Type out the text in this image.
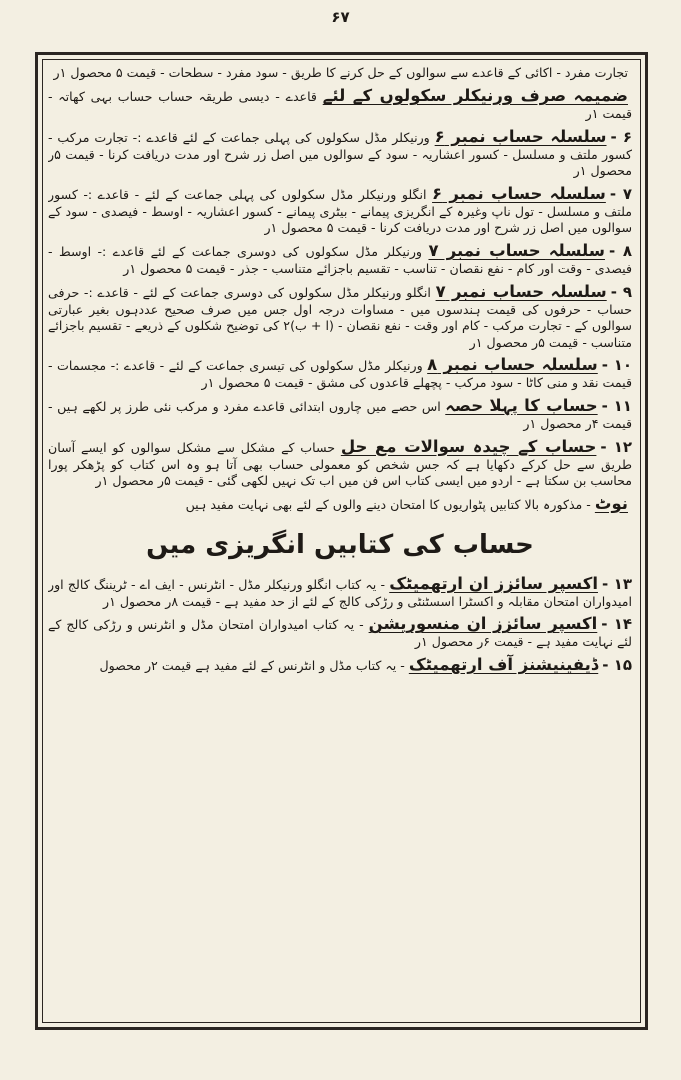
۶۷
تجارت مفرد - اکائی کے قاعدے سے سوالوں کے حل کرنے کا طریق - سود مفرد - سطحات - قیمت ۵ محصول ۱ر
ضمیمہ صرف ورنیکلر سکولوں کے لئے قاعدے - دیسی طریقہ حساب حساب بہی کھاتہ - قیمت ۱ر
۶ -سلسلہ حساب نمبر ۶ ورنیکلر مڈل سکولوں کی پہلی جماعت کے لئے قاعدے :- تجارت مرکب - کسور ملتف و مسلسل - کسور اعشاریہ - سود کے سوالوں میں اصل زر شرح اور مدت دریافت کرنا - قیمت ۵ر محصول ۱ر
۷ -سلسلہ حساب نمبر ۶ انگلو ورنیکلر مڈل سکولوں کی پہلی جماعت کے لئے - قاعدے :- کسور ملتف و مسلسل - تول ناپ وغیرہ کے انگریزی پیمانے - بیٹری پیمانے - کسور اعشاریہ - اوسط - فیصدی - سود کے سوالوں میں اصل زر شرح اور مدت دریافت کرنا - قیمت ۵ محصول ۱ر
۸ -سلسلہ حساب نمبر ۷ ورنیکلر مڈل سکولوں کی دوسری جماعت کے لئے قاعدے :- اوسط - فیصدی - وقت اور کام - نفع نقصان - تناسب - تقسیم باجزائے متناسب - جذر - قیمت ۵ محصول ۱ر
۹ -سلسلہ حساب نمبر ۷ انگلو ورنیکلر مڈل سکولوں کی دوسری جماعت کے لئے - قاعدے :- حرفی حساب - حرفوں کی قیمت ہندسوں میں - مساوات درجہ اول جس میں صرف صحیح عددہوں بغیر عبارتی سوالوں کے - تجارت مرکب - کام اور وقت - نفع نقصان - (ا + ب)۲ کی توضیح شکلوں کے ذریعے - تقسیم باجزائے متناسب - قیمت ۵ر محصول ۱ر
۱۰ -سلسلہ حساب نمبر ۸ ورنیکلر مڈل سکولوں کی تیسری جماعت کے لئے - قاعدے :- مجسمات - قیمت نقد و منی کاٹا - سود مرکب - پچھلے قاعدوں کی مشق - قیمت ۵ محصول ۱ر
۱۱ -حساب کا پہلا حصہ اس حصے میں چاروں ابتدائی قاعدے مفرد و مرکب نئی طرز پر لکھے ہیں - قیمت ۴ر محصول ۱ر
۱۲ -حساب کے چیدہ سوالات مع حل حساب کے مشکل سے مشکل سوالوں کو ایسے آسان طریق سے حل کرکے دکھایا ہے کہ جس شخص کو معمولی حساب بھی آتا ہو وہ اس کتاب کو پڑھکر پورا محاسب بن سکتا ہے - اردو میں ایسی کتاب اس فن میں اب تک نہیں لکھی گئی - قیمت ۵ر محصول ۱ر
نوٹ - مذکورہ بالا کتابیں پٹواریوں کا امتحان دینے والوں کے لئے بھی نہایت مفید ہیں
حساب کی کتابیں انگریزی میں
۱۳ -اکسپر سائزز ان ارتھمیٹک - یہ کتاب انگلو ورنیکلر مڈل - انٹرنس - ایف اے - ٹریننگ کالج اور امیدواران امتحان مقابلہ و اکسٹرا اسسٹنٹی و رڑکی کالج کے لئے از حد مفید ہے - قیمت ۸ر محصول ۱ر
۱۴ -اکسپر سائزز ان منسوریشن - یہ کتاب امیدواران امتحان مڈل و انٹرنس و رڑکی کالج کے لئے نہایت مفید ہے - قیمت ۶ر محصول ۱ر
۱۵ -ڈیفینیشنز آف ارتھمیٹک - یہ کتاب مڈل و انٹرنس کے لئے مفید ہے قیمت ۲ر محصول
